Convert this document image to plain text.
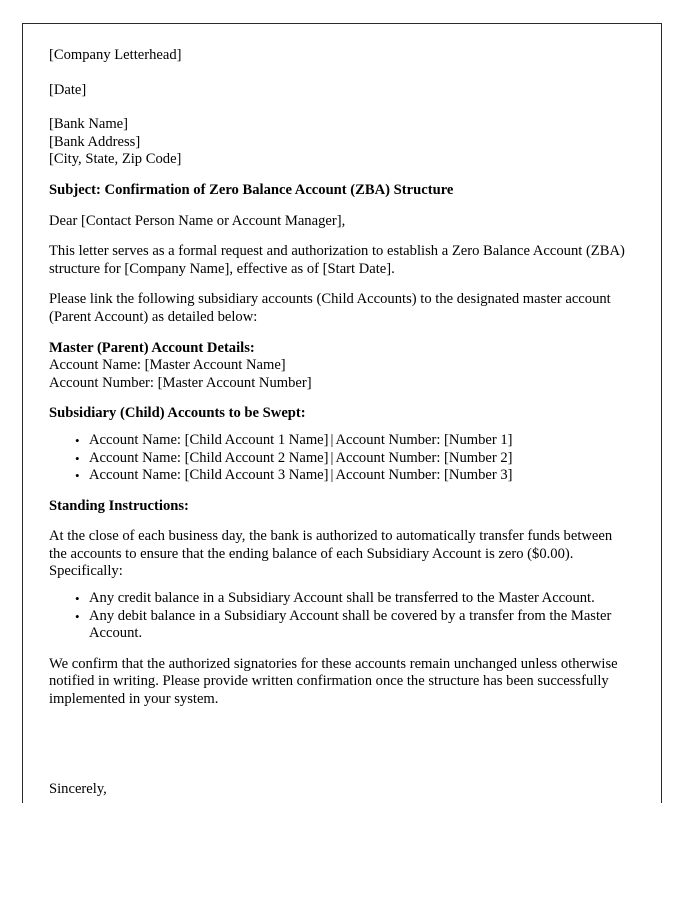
[Company Letterhead]
[Date]
[Bank Name]
[Bank Address]
[City, State, Zip Code]
Subject: Confirmation of Zero Balance Account (ZBA) Structure
Dear [Contact Person Name or Account Manager],
This letter serves as a formal request and authorization to establish a Zero Balance Account (ZBA) structure for [Company Name], effective as of [Start Date].
Please link the following subsidiary accounts (Child Accounts) to the designated master account (Parent Account) as detailed below:
Master (Parent) Account Details:
Account Name: [Master Account Name]
Account Number: [Master Account Number]
Subsidiary (Child) Accounts to be Swept:
• Account Name: [Child Account 1 Name] | Account Number: [Number 1]
• Account Name: [Child Account 2 Name] | Account Number: [Number 2]
• Account Name: [Child Account 3 Name] | Account Number: [Number 3]
Standing Instructions:
At the close of each business day, the bank is authorized to automatically transfer funds between the accounts to ensure that the ending balance of each Subsidiary Account is zero ($0.00). Specifically:
• Any credit balance in a Subsidiary Account shall be transferred to the Master Account.
• Any debit balance in a Subsidiary Account shall be covered by a transfer from the Master Account.
We confirm that the authorized signatories for these accounts remain unchanged unless otherwise notified in writing. Please provide written confirmation once the structure has been successfully implemented in your system.
Sincerely,
